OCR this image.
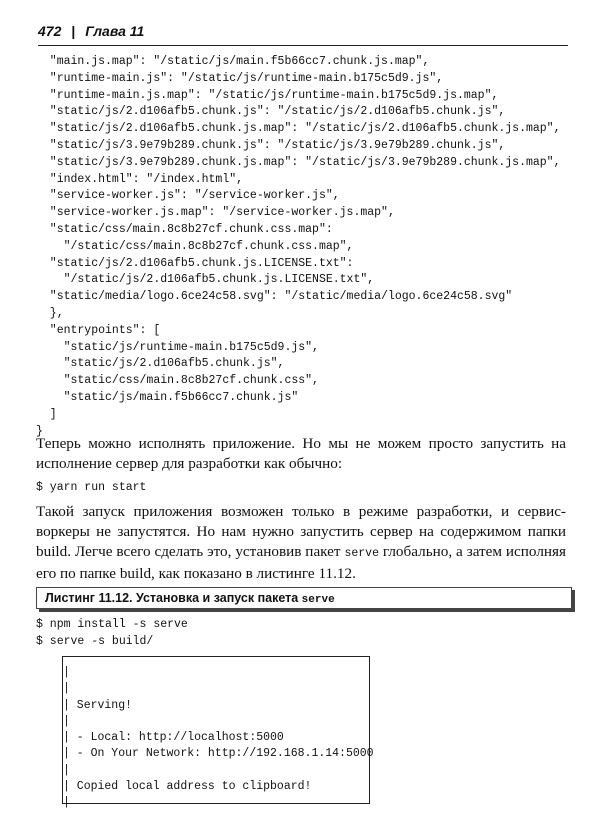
472 | Глава 11
"main.js.map": "/static/js/main.f5b66cc7.chunk.js.map",
"runtime-main.js": "/static/js/runtime-main.b175c5d9.js",
"runtime-main.js.map": "/static/js/runtime-main.b175c5d9.js.map",
"static/js/2.d106afb5.chunk.js": "/static/js/2.d106afb5.chunk.js",
"static/js/2.d106afb5.chunk.js.map": "/static/js/2.d106afb5.chunk.js.map",
"static/js/3.9e79b289.chunk.js": "/static/js/3.9e79b289.chunk.js",
"static/js/3.9e79b289.chunk.js.map": "/static/js/3.9e79b289.chunk.js.map",
"index.html": "/index.html",
"service-worker.js": "/service-worker.js",
"service-worker.js.map": "/service-worker.js.map",
"static/css/main.8c8b27cf.chunk.css.map":
"/static/css/main.8c8b27cf.chunk.css.map",
"static/js/2.d106afb5.chunk.js.LICENSE.txt":
"/static/js/2.d106afb5.chunk.js.LICENSE.txt",
"static/media/logo.6ce24c58.svg": "/static/media/logo.6ce24c58.svg"
},
"entrypoints": [
"static/js/runtime-main.b175c5d9.js",
"static/js/2.d106afb5.chunk.js",
"static/css/main.8c8b27cf.chunk.css",
"static/js/main.f5b66cc7.chunk.js"
]
}
Теперь можно исполнять приложение. Но мы не можем просто запустить на исполнение сервер для разработки как обычно:
$ yarn run start
Такой запуск приложения возможен только в режиме разработки, и сервис-воркеры не запустятся. Но нам нужно запустить сервер на содержимом папки build. Легче всего сделать это, установив пакет serve глобально, а затем исполняя его по папке build, как показано в листинге 11.12.
Листинг 11.12. Установка и запуск пакета serve
$ npm install -s serve
$ serve -s build/
|
|
| Serving!
|
| - Local: http://localhost:5000
| - On Your Network: http://192.168.1.14:5000
|
| Copied local address to clipboard!
|
